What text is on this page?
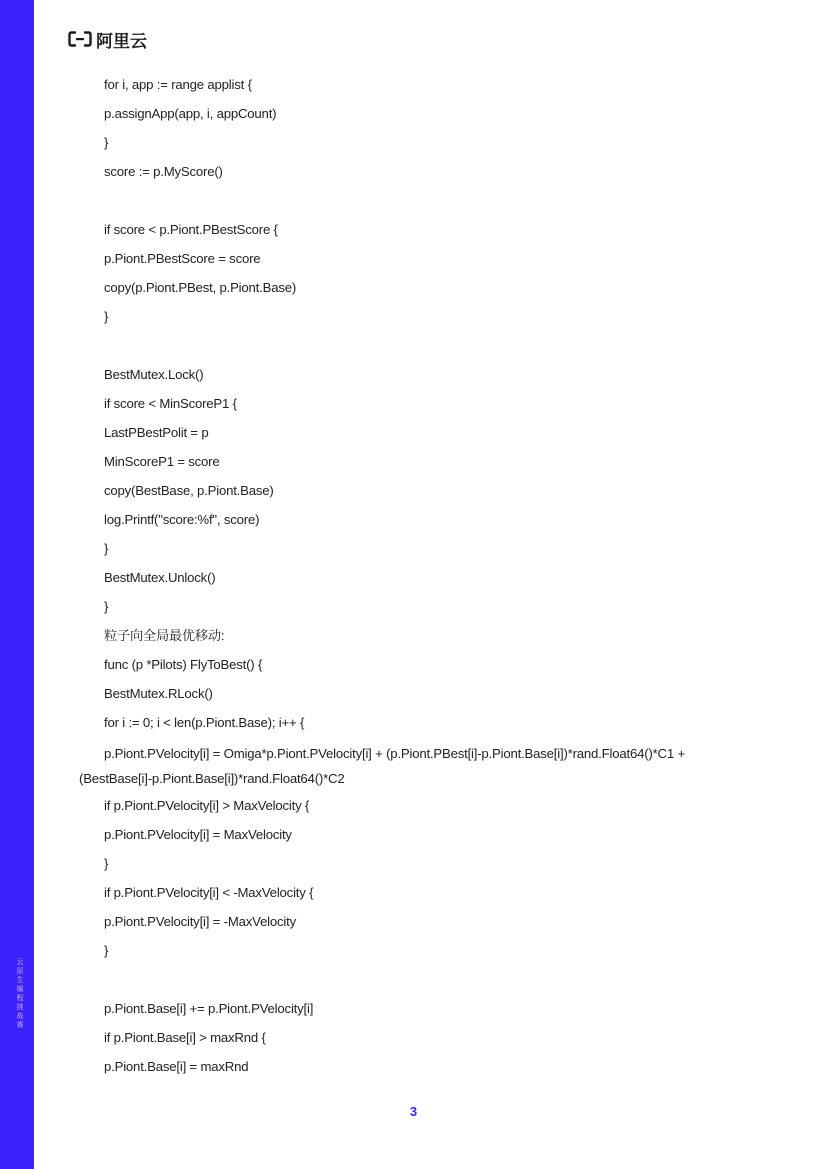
云原生编程挑战赛
阿里云
for i, app := range applist {
p.assignApp(app, i, appCount)
}
score := p.MyScore()
if score < p.Piont.PBestScore {
p.Piont.PBestScore = score
copy(p.Piont.PBest, p.Piont.Base)
}
BestMutex.Lock()
if score < MinScoreP1 {
LastPBestPolit = p
MinScoreP1 = score
copy(BestBase, p.Piont.Base)
log.Printf("score:%f", score)
}
BestMutex.Unlock()
}
粒子向全局最优移动:
func (p *Pilots) FlyToBest() {
BestMutex.RLock()
for i := 0; i < len(p.Piont.Base); i++ {
p.Piont.PVelocity[i] = Omiga*p.Piont.PVelocity[i] + (p.Piont.PBest[i]-p.Piont.Base[i])*rand.Float64()*C1 + (BestBase[i]-p.Piont.Base[i])*rand.Float64()*C2
if p.Piont.PVelocity[i] > MaxVelocity {
p.Piont.PVelocity[i] = MaxVelocity
}
if p.Piont.PVelocity[i] < -MaxVelocity {
p.Piont.PVelocity[i] = -MaxVelocity
}
p.Piont.Base[i] += p.Piont.PVelocity[i]
if p.Piont.Base[i] > maxRnd {
p.Piont.Base[i] = maxRnd
3
